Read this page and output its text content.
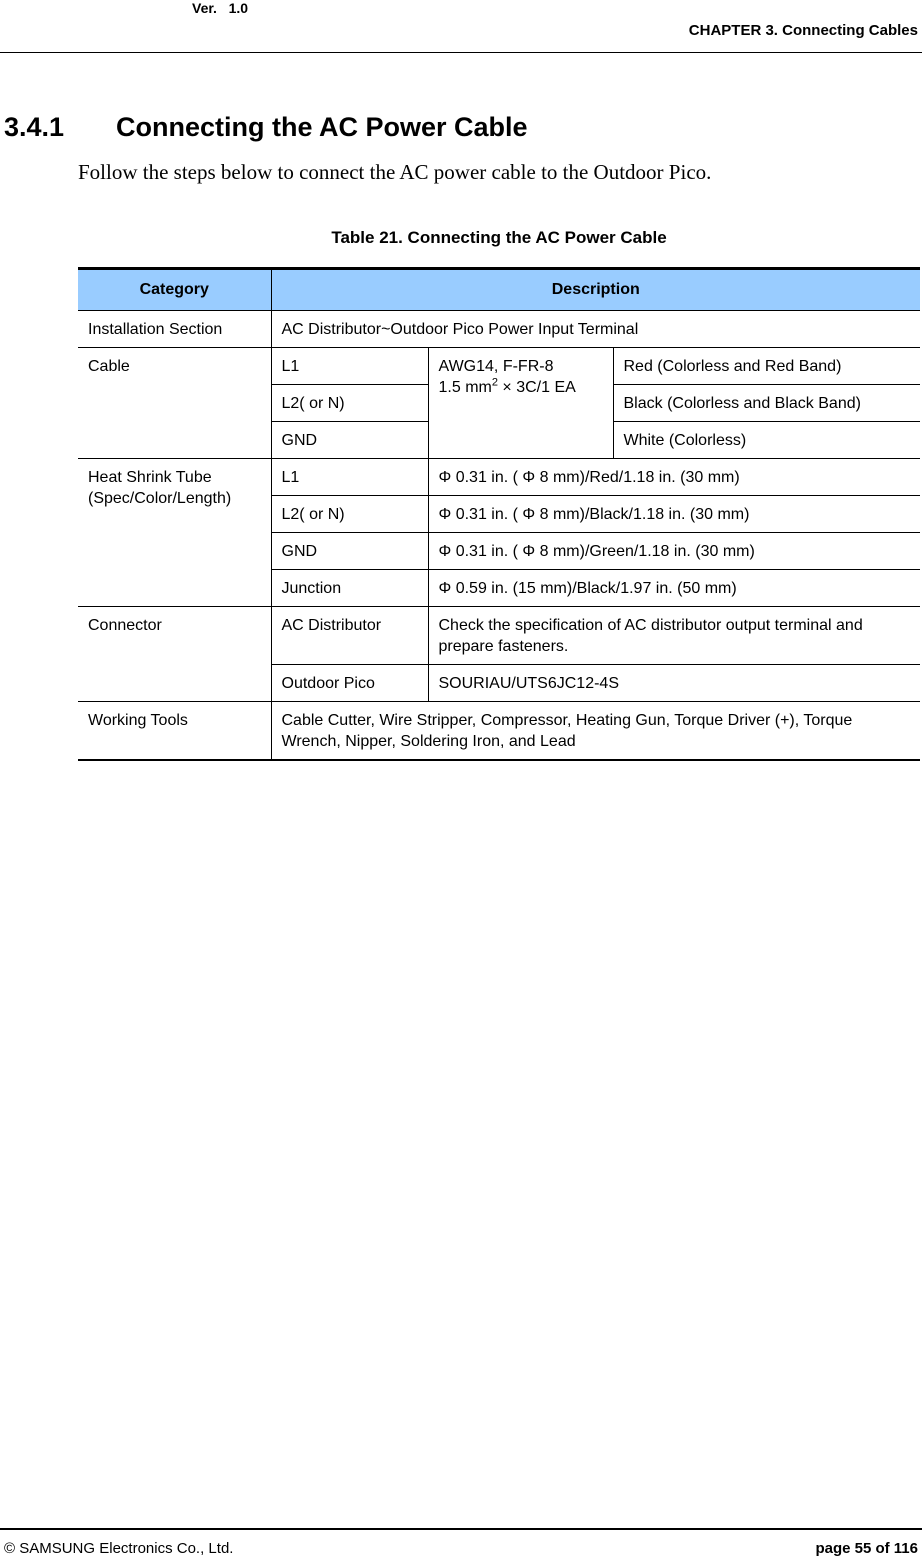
Ver.   1.0
CHAPTER 3. Connecting Cables
3.4.1 Connecting the AC Power Cable
Follow the steps below to connect the AC power cable to the Outdoor Pico.
Table 21. Connecting the AC Power Cable
Category	Description		
Installation Section	AC Distributor~Outdoor Pico Power Input Terminal		
Cable	L1	AWG14, F-FR-8
1.5 $mm^2 \times 3C/1$ EA	Red (Colorless and Red Band)
	L2( or N)		Black (Colorless and Black Band)
	GND		White (Colorless)
Heat Shrink Tube
(Spec/Color/Length)	L1	Φ 0.31 in. ( Φ 8 mm)/Red/1.18 in. (30 mm)	
	L2( or N)	Φ 0.31 in. ( Φ 8 mm)/Black/1.18 in. (30 mm)	
	GND	Φ 0.31 in. ( Φ 8 mm)/Green/1.18 in. (30 mm)	
	Junction	Φ 0.59 in. (15 mm)/Black/1.97 in. (50 mm)	
Connector	AC Distributor	Check the specification of AC distributor output terminal and prepare fasteners.	
	Outdoor Pico	SOURIAU/UTS6JC12-4S	
Working Tools	Cable Cutter, Wire Stripper, Compressor, Heating Gun, Torque Driver (+), Torque Wrench, Nipper, Soldering Iron, and Lead		
© SAMSUNG Electronics Co., Ltd.	page 55 of 116
